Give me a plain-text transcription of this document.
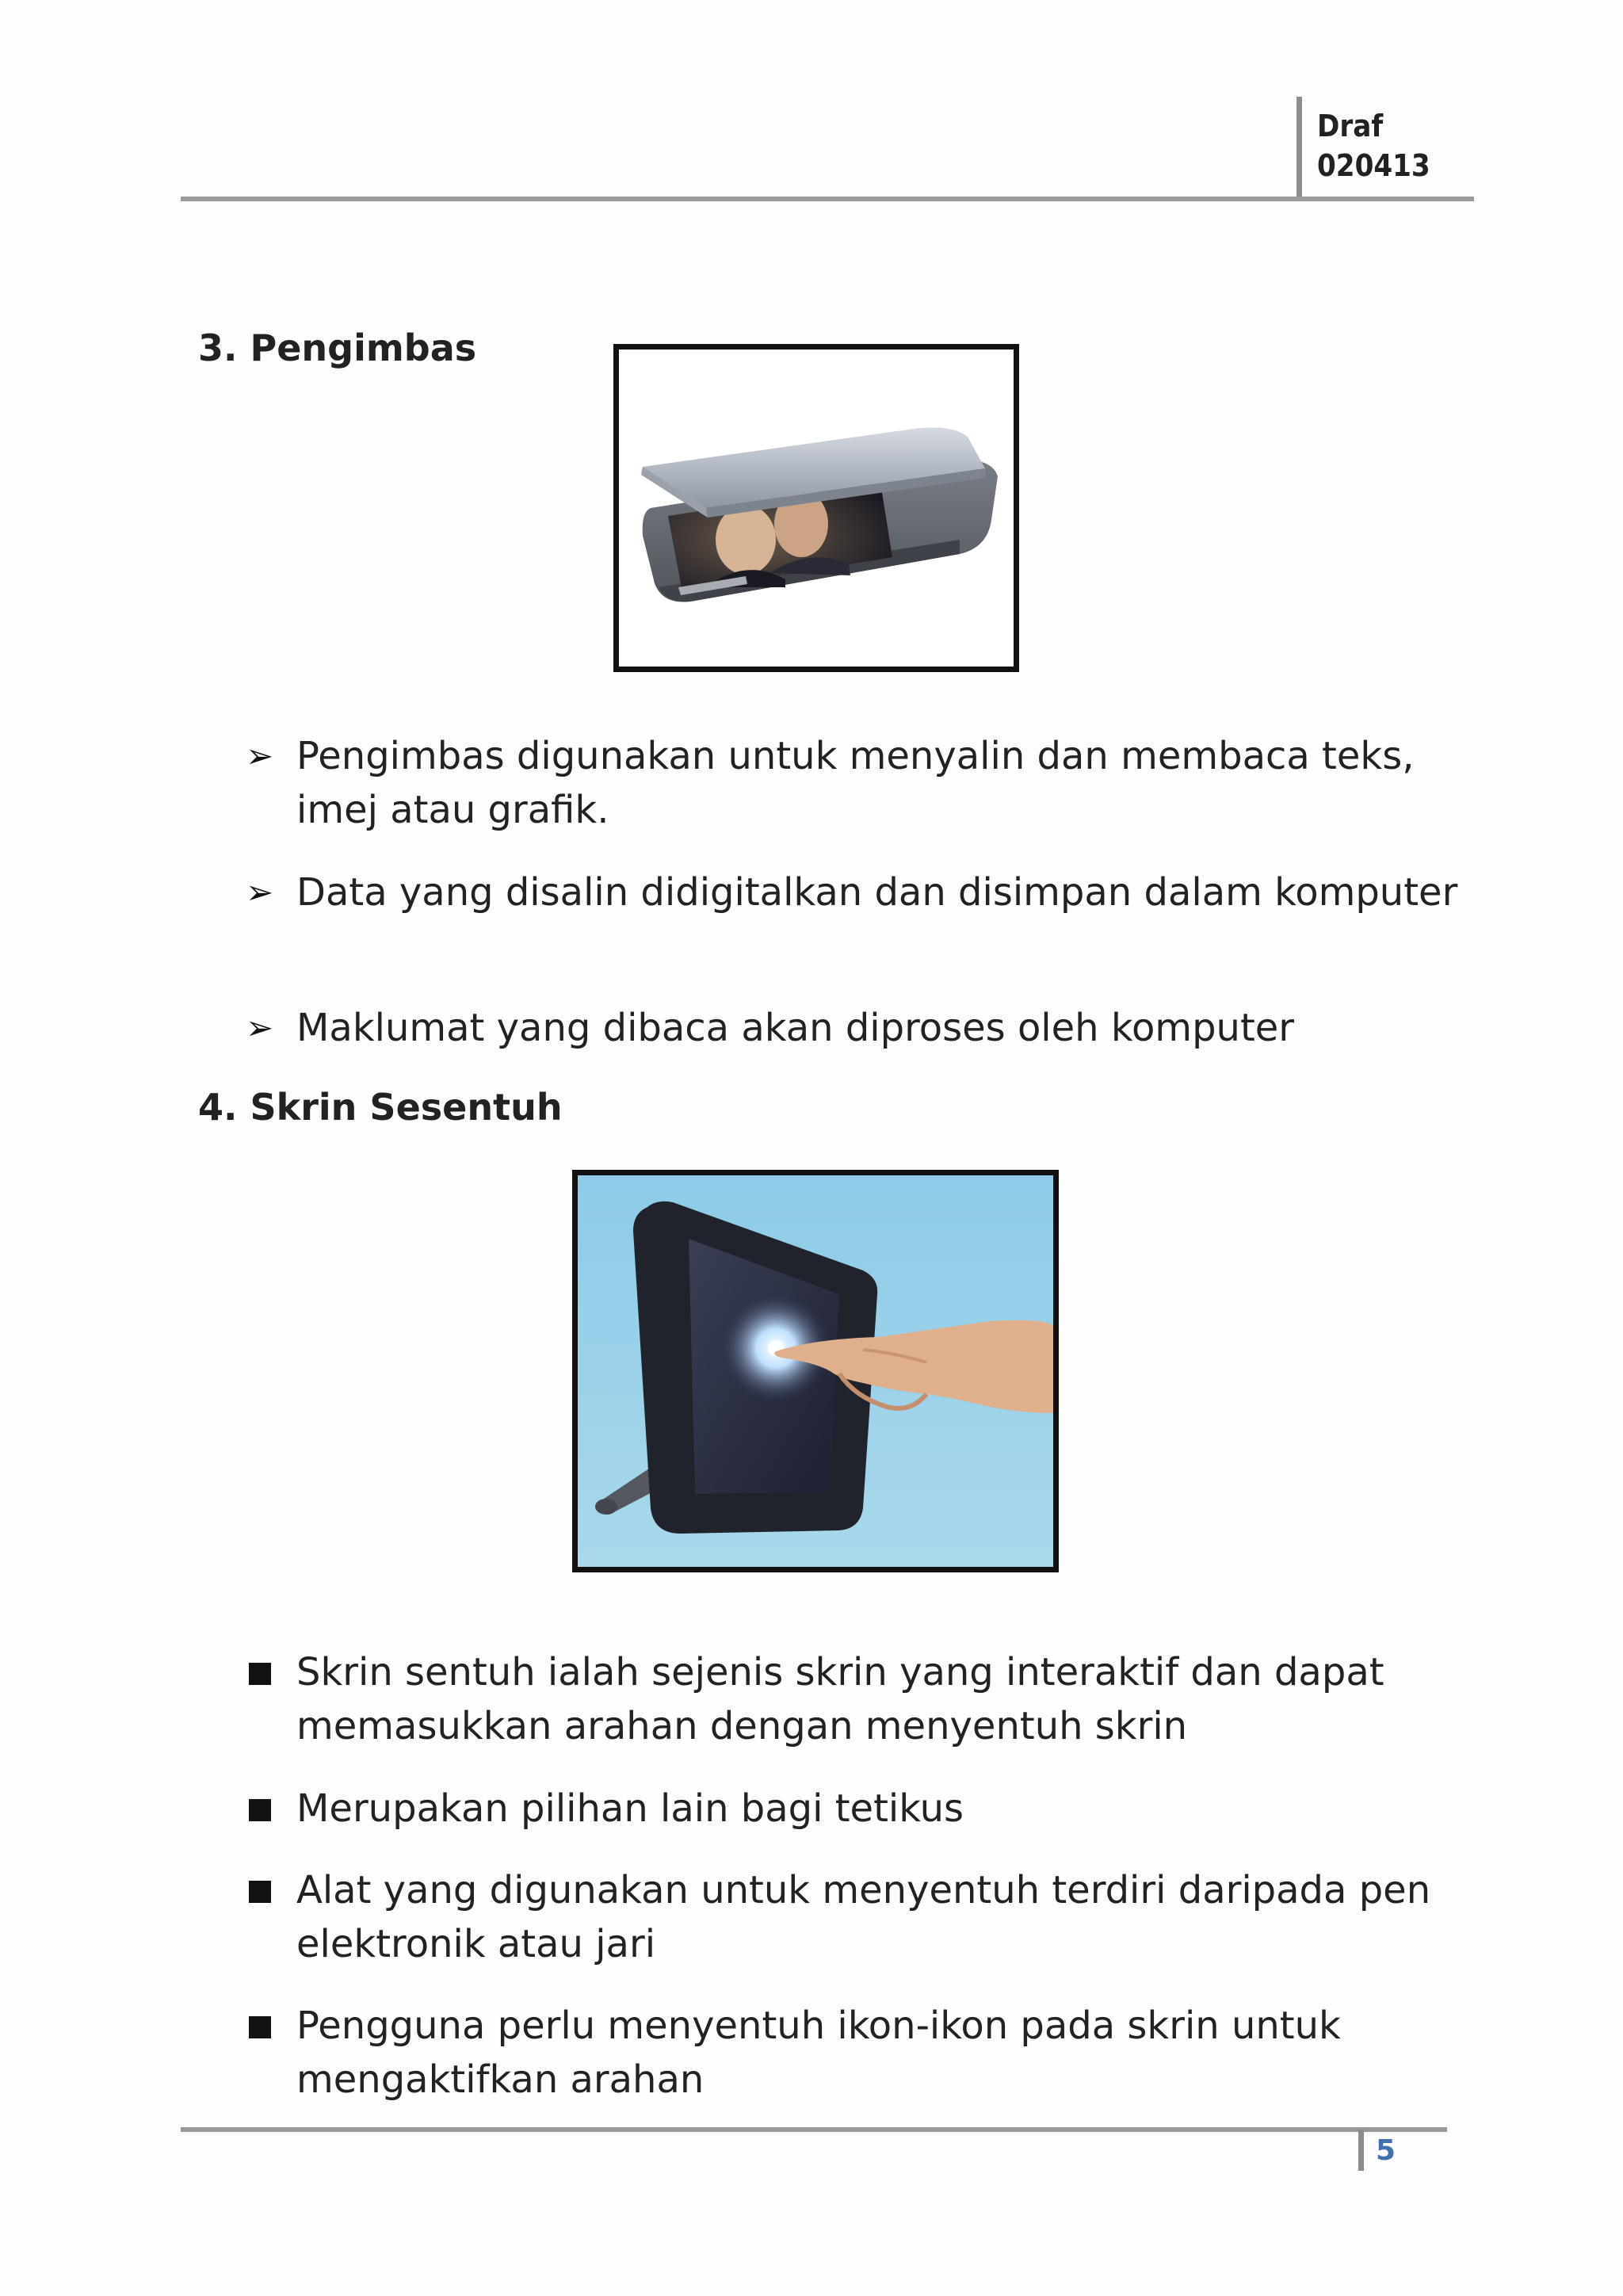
Draf
020413
3. Pengimbas
➢ Pengimbas digunakan untuk menyalin dan membaca teks, imej atau grafik.
➢ Data yang disalin didigitalkan dan disimpan dalam komputer
➢ Maklumat yang dibaca akan diproses oleh komputer
4. Skrin Sesentuh
Skrin sentuh ialah sejenis skrin yang interaktif dan dapat memasukkan arahan dengan menyentuh skrin
Merupakan pilihan lain bagi tetikus
Alat yang digunakan untuk menyentuh terdiri daripada pen elektronik atau jari
Pengguna perlu menyentuh ikon-ikon pada skrin untuk mengaktifkan arahan
5
